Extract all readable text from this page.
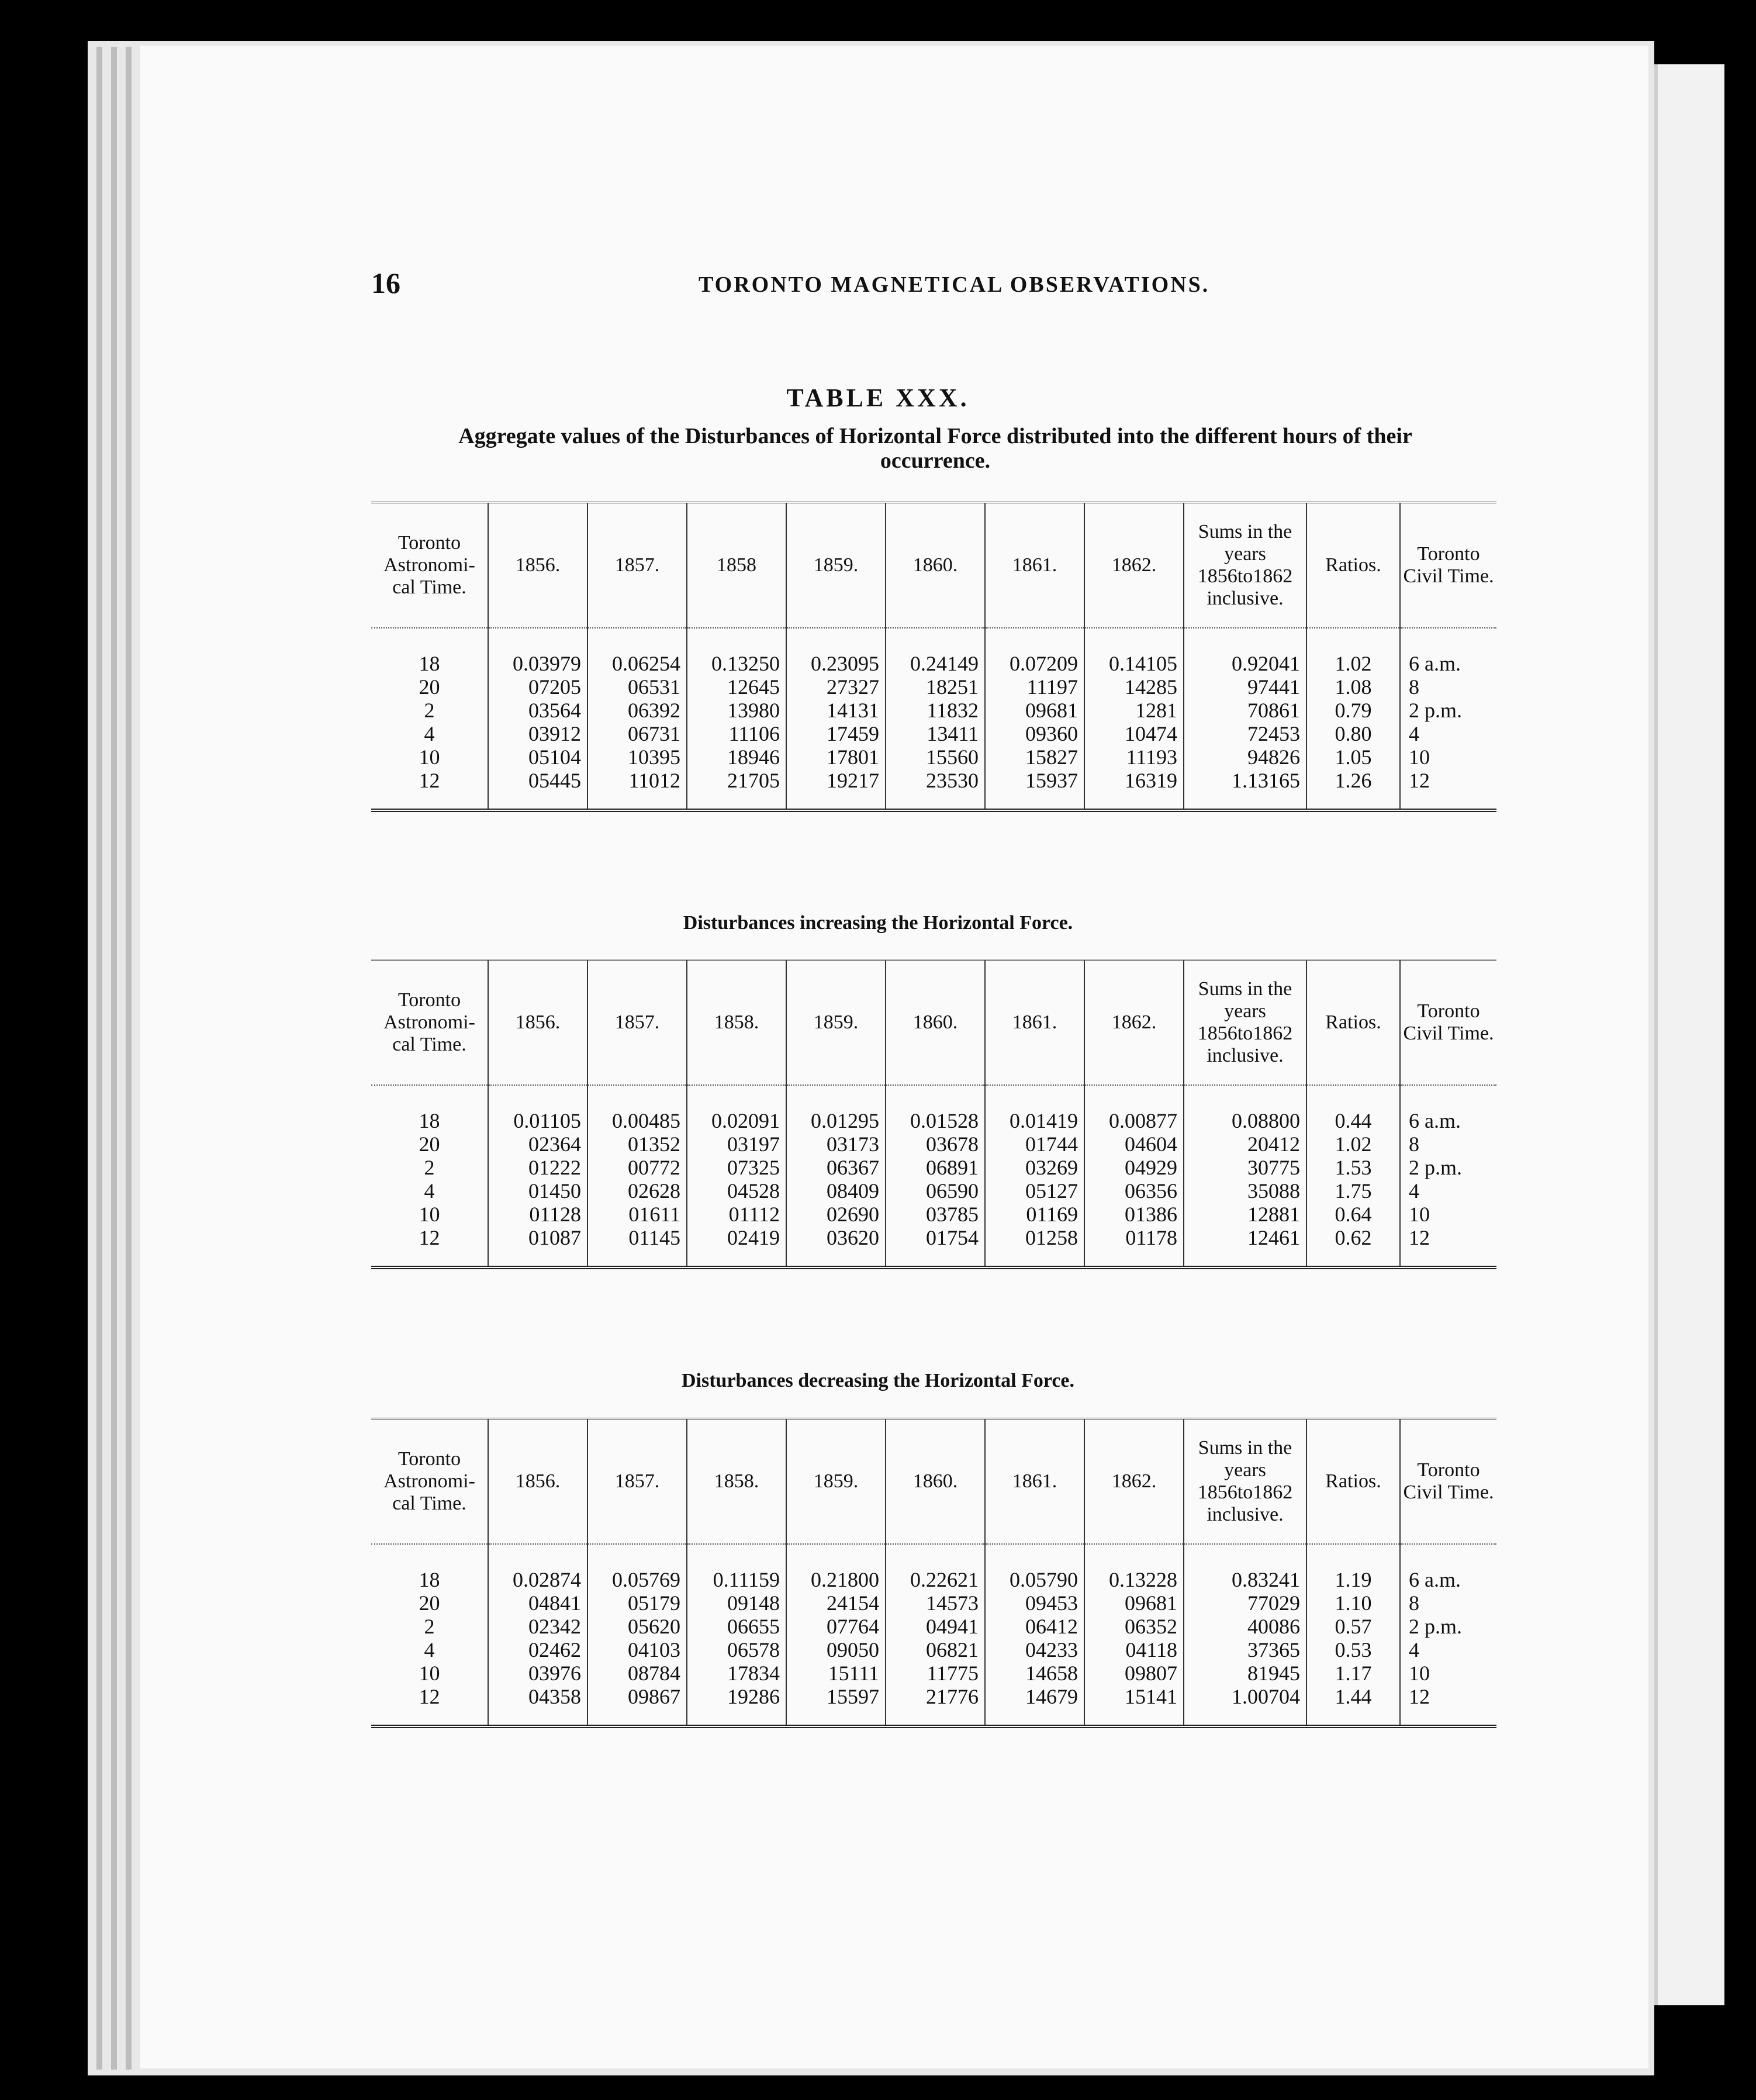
16	TORONTO MAGNETICAL OBSERVATIONS.
TABLE XXX.
Aggregate values of the Disturbances of Horizontal Force distributed into the different hours of their occurrence.
Disturbances increasing the Horizontal Force.
Disturbances decreasing the Horizontal Force.
Toronto Astronomi-cal Time.	1856.	1857.	1858	1859.	1860.	1861.	1862.	Sums in the years 1856to1862 inclusive.	Ratios.	Toronto Civil Time.
18	0.03979	0.06254	0.13250	0.23095	0.24149	0.07209	0.14105	0.92041	1.02	6 a.m.
20	07205	06531	12645	27327	18251	11197	14285	97441	1.08	8
2	03564	06392	13980	14131	11832	09681	1281	70861	0.79	2 p.m.
4	03912	06731	11106	17459	13411	09360	10474	72453	0.80	4
10	05104	10395	18946	17801	15560	15827	11193	94826	1.05	10
12	05445	11012	21705	19217	23530	15937	16319	1.13165	1.26	12
Toronto Astronomi-cal Time.	1856.	1857.	1858.	1859.	1860.	1861.	1862.	Sums in the years 1856to1862 inclusive.	Ratios.	Toronto Civil Time.
18	0.01105	0.00485	0.02091	0.01295	0.01528	0.01419	0.00877	0.08800	0.44	6 a.m.
20	02364	01352	03197	03173	03678	01744	04604	20412	1.02	8
2	01222	00772	07325	06367	06891	03269	04929	30775	1.53	2 p.m.
4	01450	02628	04528	08409	06590	05127	06356	35088	1.75	4
10	01128	01611	01112	02690	03785	01169	01386	12881	0.64	10
12	01087	01145	02419	03620	01754	01258	01178	12461	0.62	12
Toronto Astronomi-cal Time.	1856.	1857.	1858.	1859.	1860.	1861.	1862.	Sums in the years 1856to1862 inclusive.	Ratios.	Toronto Civil Time.
18	0.02874	0.05769	0.11159	0.21800	0.22621	0.05790	0.13228	0.83241	1.19	6 a.m.
20	04841	05179	09148	24154	14573	09453	09681	77029	1.10	8
2	02342	05620	06655	07764	04941	06412	06352	40086	0.57	2 p.m.
4	02462	04103	06578	09050	06821	04233	04118	37365	0.53	4
10	03976	08784	17834	15111	11775	14658	09807	81945	1.17	10
12	04358	09867	19286	15597	21776	14679	15141	1.00704	1.44	12
